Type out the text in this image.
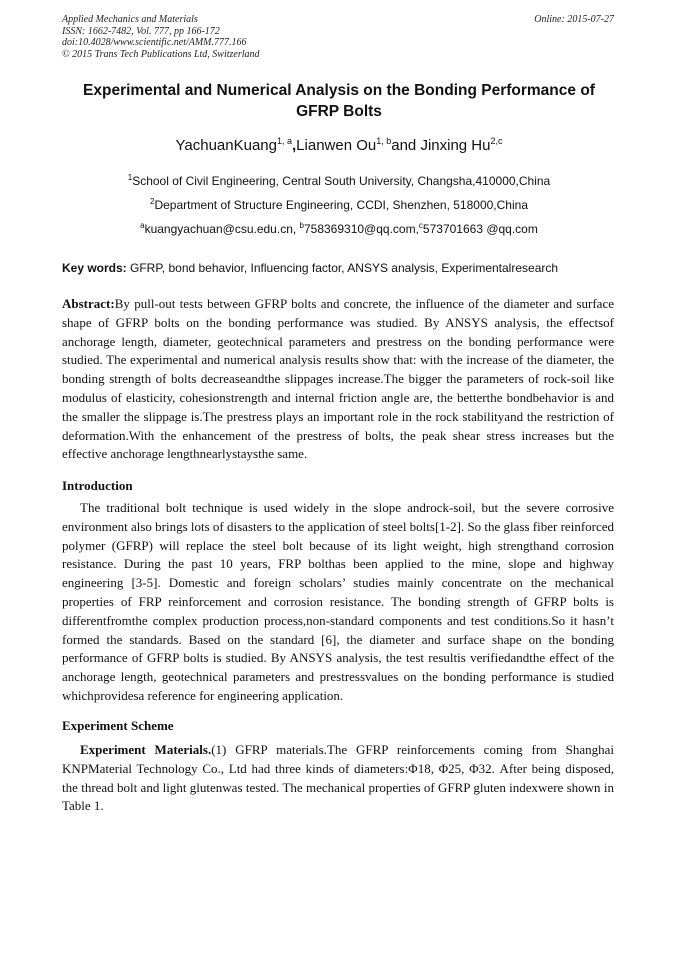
Applied Mechanics and Materials
ISSN: 1662-7482, Vol. 777, pp 166-172
doi:10.4028/www.scientific.net/AMM.777.166
© 2015 Trans Tech Publications Ltd, Switzerland
Online: 2015-07-27
Experimental and Numerical Analysis on the Bonding Performance of GFRP Bolts
YachuanKuang$^{1, a}$,Lianwen Ou$^{1, b}$and Jinxing Hu$^{2,c}$
$^1$School of Civil Engineering, Central South University, Changsha,410000,China
$^2$Department of Structure Engineering, CCDI, Shenzhen, 518000,China
$^a$kuangyachuan@csu.edu.cn, $^b$758369310@qq.com,$^c$573701663 @qq.com
Key words: GFRP, bond behavior, Influencing factor, ANSYS analysis, Experimentalresearch
Abstract:By pull-out tests between GFRP bolts and concrete, the influence of the diameter and surface shape of GFRP bolts on the bonding performance was studied. By ANSYS analysis, the effectsof anchorage length, diameter, geotechnical parameters and prestress on the bonding performance were studied. The experimental and numerical analysis results show that: with the increase of the diameter, the bonding strength of bolts decreaseandthe slippages increase.The bigger the parameters of rock-soil like modulus of elasticity, cohesionstrength and internal friction angle are, the betterthe bondbehavior is and the smaller the slippage is.The prestress plays an important role in the rock stabilityand the restriction of deformation.With the enhancement of the prestress of bolts, the peak shear stress increases but the effective anchorage lengthnearlystaysthe same.
Introduction
The traditional bolt technique is used widely in the slope androck-soil, but the severe corrosive environment also brings lots of disasters to the application of steel bolts[1-2]. So the glass fiber reinforced polymer (GFRP) will replace the steel bolt because of its light weight, high strengthand corrosion resistance. During the past 10 years, FRP bolthas been applied to the mine, slope and highway engineering [3-5]. Domestic and foreign scholars’ studies mainly concentrate on the mechanical properties of FRP reinforcement and corrosion resistance. The bonding strength of GFRP bolts is differentfromthe complex production process,non-standard components and test conditions.So it hasn’t formed the standards. Based on the standard [6], the diameter and surface shape on the bonding performance of GFRP bolts is studied. By ANSYS analysis, the test resultis verifiedandthe effect of the anchorage length, geotechnical parameters and prestressvalues on the bonding performance is studied whichprovidesa reference for engineering application.
Experiment Scheme
Experiment Materials.(1) GFRP materials.The GFRP reinforcements coming from Shanghai KNPMaterial Technology Co., Ltd had three kinds of diameters:Φ18, Φ25, Φ32. After being disposed, the thread bolt and light glutenwas tested. The mechanical properties of GFRP gluten indexwere shown in Table 1.
